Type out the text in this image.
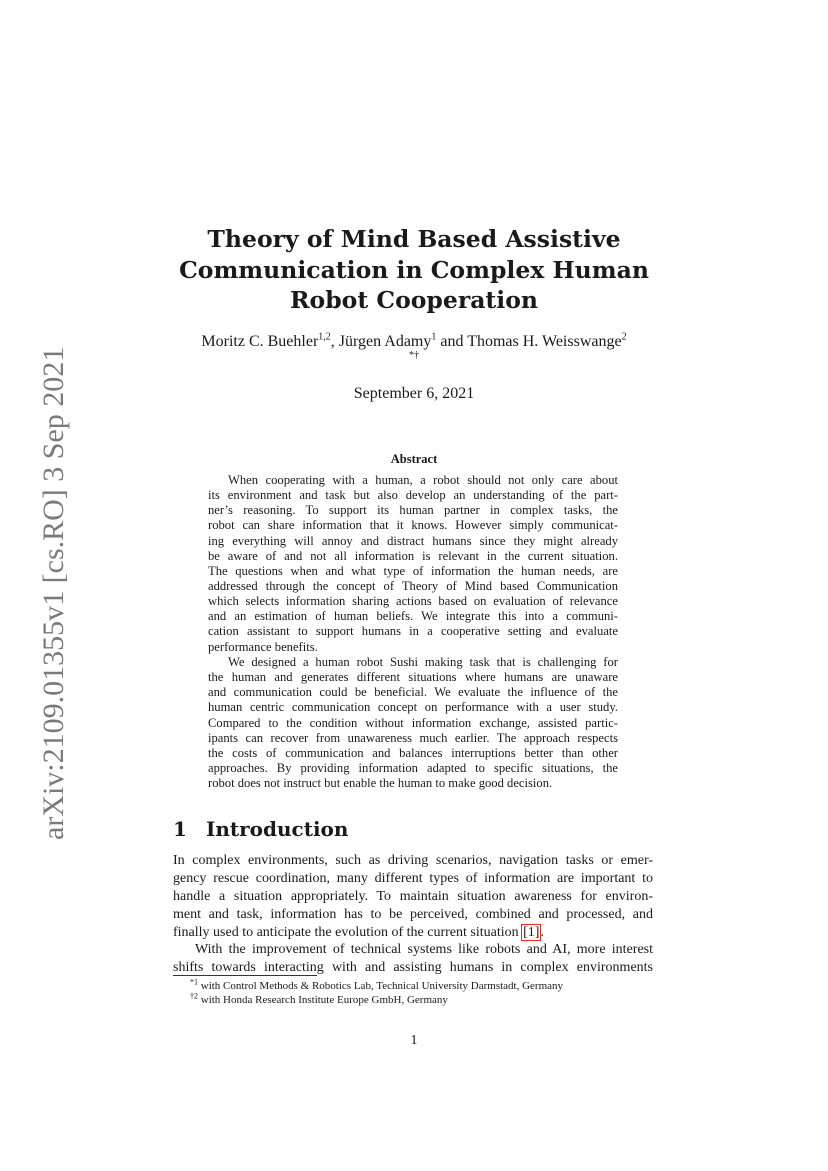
arXiv:2109.01355v1 [cs.RO] 3 Sep 2021
Theory of Mind Based Assistive
Communication in Complex Human
Robot Cooperation
Moritz C. Buehler$^{1,2}$, Jürgen Adamy$^1$ and Thomas H. Weisswange$^2$
*†
September 6, 2021
Abstract
When cooperating with a human, a robot should not only care about
its environment and task but also develop an understanding of the part-
ner’s reasoning. To support its human partner in complex tasks, the
robot can share information that it knows. However simply communicat-
ing everything will annoy and distract humans since they might already
be aware of and not all information is relevant in the current situation.
The questions when and what type of information the human needs, are
addressed through the concept of Theory of Mind based Communication
which selects information sharing actions based on evaluation of relevance
and an estimation of human beliefs. We integrate this into a communi-
cation assistant to support humans in a cooperative setting and evaluate
performance benefits.
We designed a human robot Sushi making task that is challenging for
the human and generates different situations where humans are unaware
and communication could be beneficial. We evaluate the influence of the
human centric communication concept on performance with a user study.
Compared to the condition without information exchange, assisted partic-
ipants can recover from unawareness much earlier. The approach respects
the costs of communication and balances interruptions better than other
approaches. By providing information adapted to specific situations, the
robot does not instruct but enable the human to make good decision.
1 Introduction
In complex environments, such as driving scenarios, navigation tasks or emer-
gency rescue coordination, many different types of information are important to
handle a situation appropriately. To maintain situation awareness for environ-
ment and task, information has to be perceived, combined and processed, and
finally used to anticipate the evolution of the current situation [1].
With the improvement of technical systems like robots and AI, more interest
shifts towards interacting with and assisting humans in complex environments
$^{*1}$ with Control Methods & Robotics Lab, Technical University Darmstadt, Germany
$^{\dagger 2}$ with Honda Research Institute Europe GmbH, Germany
1
